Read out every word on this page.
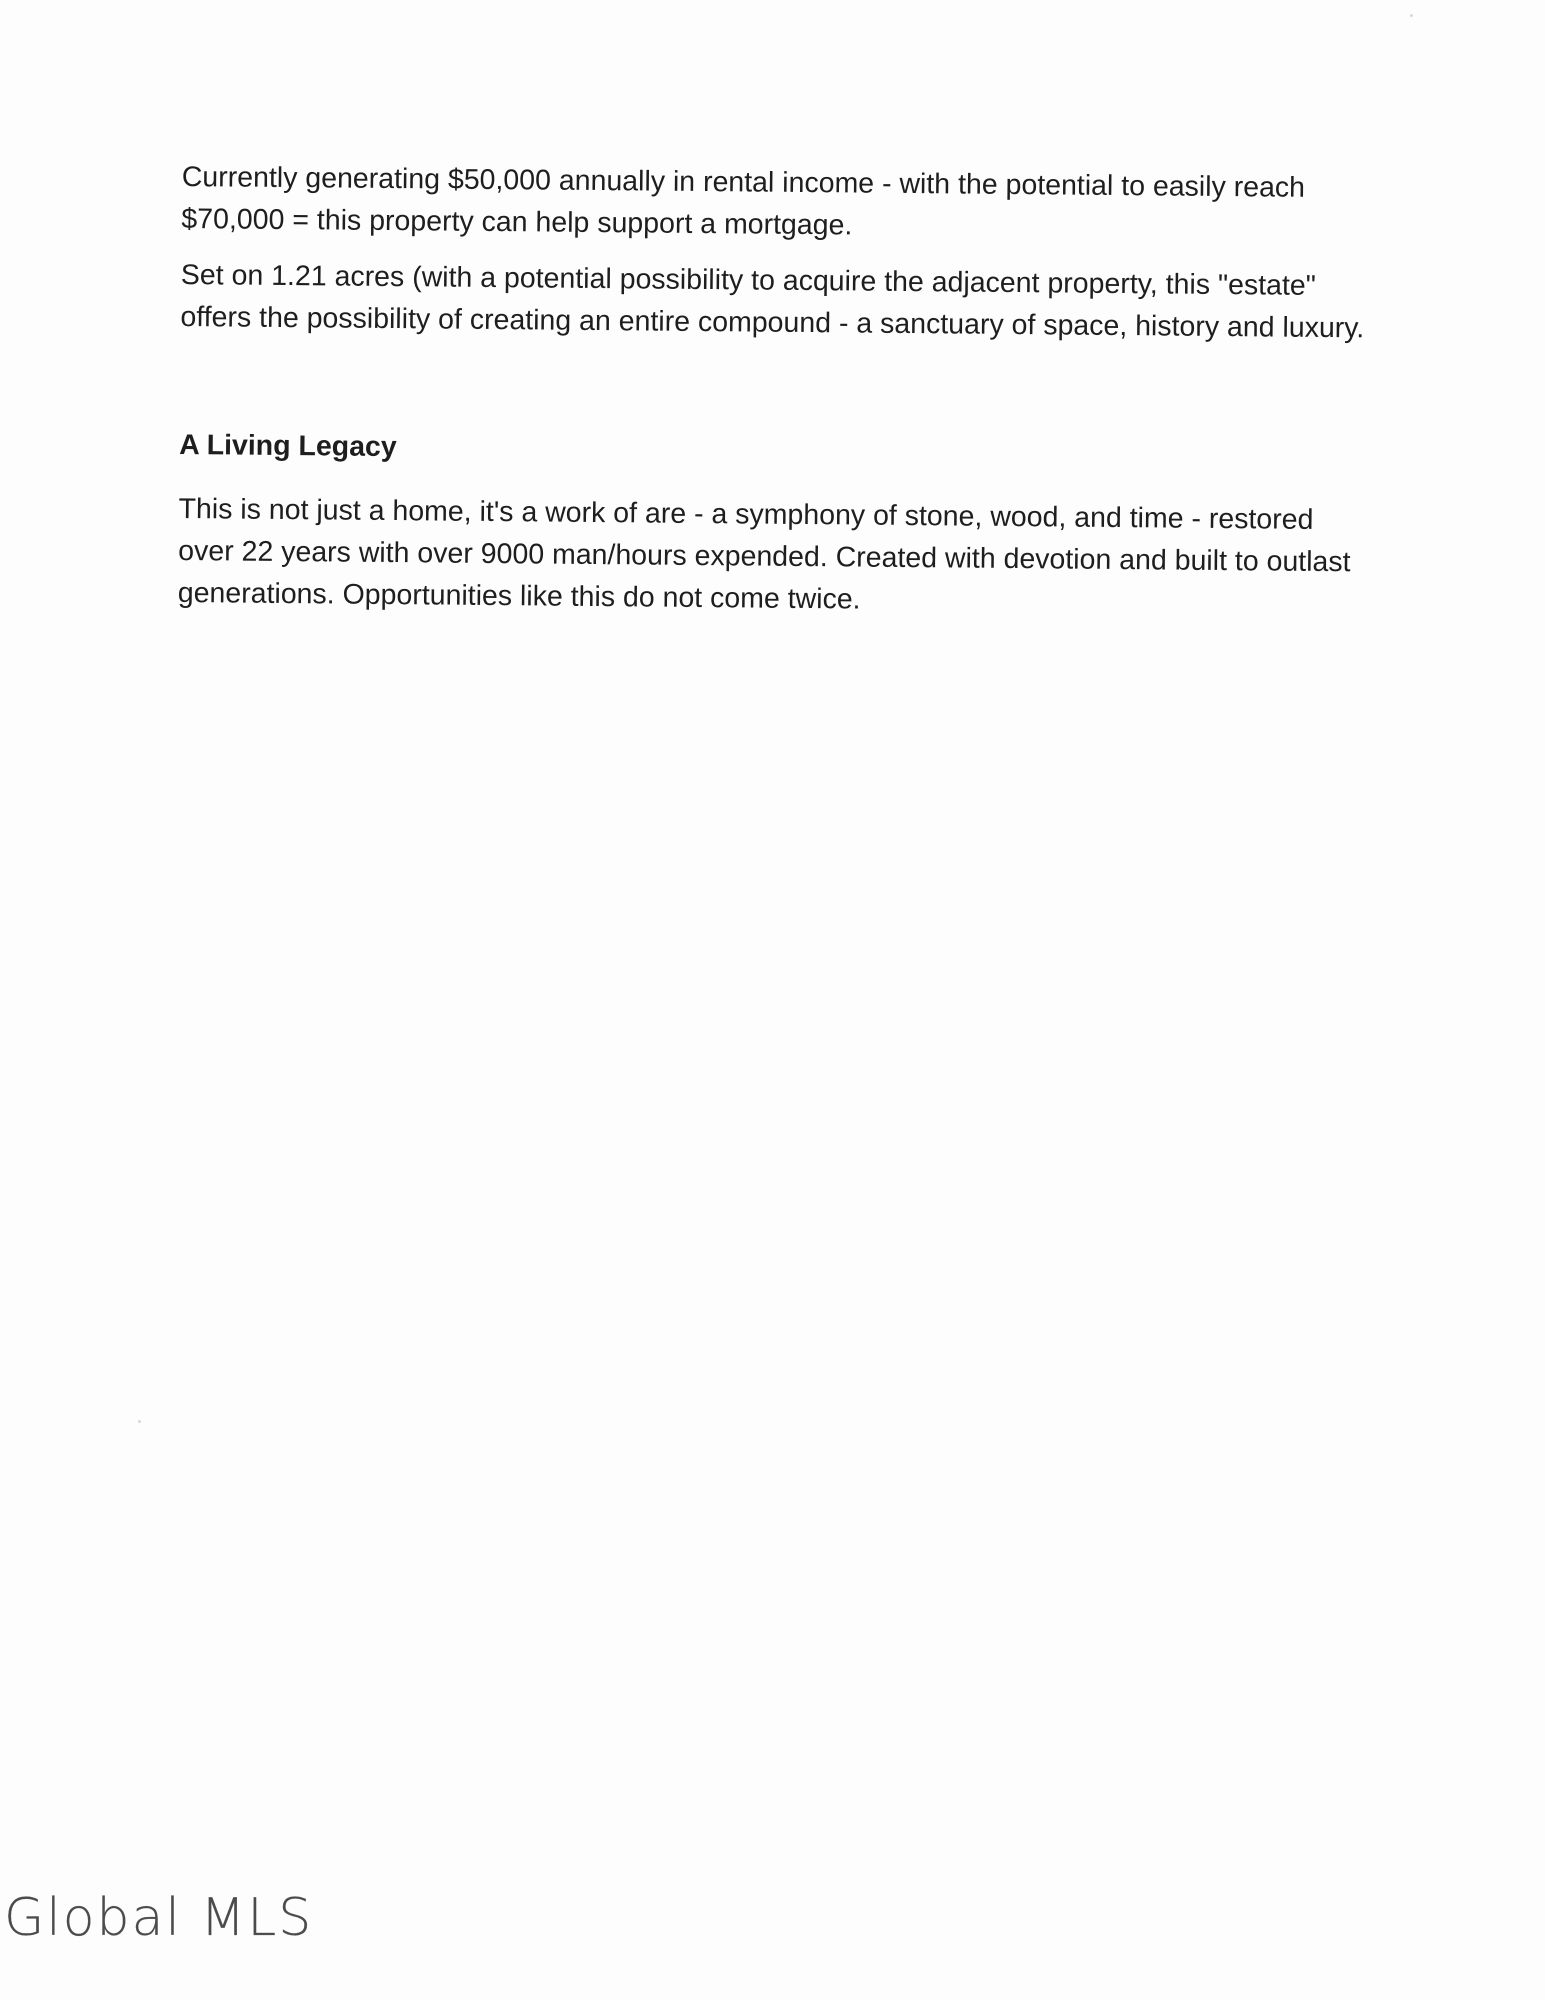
Currently generating $50,000 annually in rental income - with the potential to easily reach $70,000 = this property can help support a mortgage.

Set on 1.21 acres (with a potential possibility to acquire the adjacent property, this "estate" offers the possibility of creating an entire compound - a sanctuary of space, history and luxury.

A Living Legacy

This is not just a home, it's a work of are - a symphony of stone, wood, and time - restored over 22 years with over 9000 man/hours expended. Created with devotion and built to outlast generations. Opportunities like this do not come twice.

Global MLS
